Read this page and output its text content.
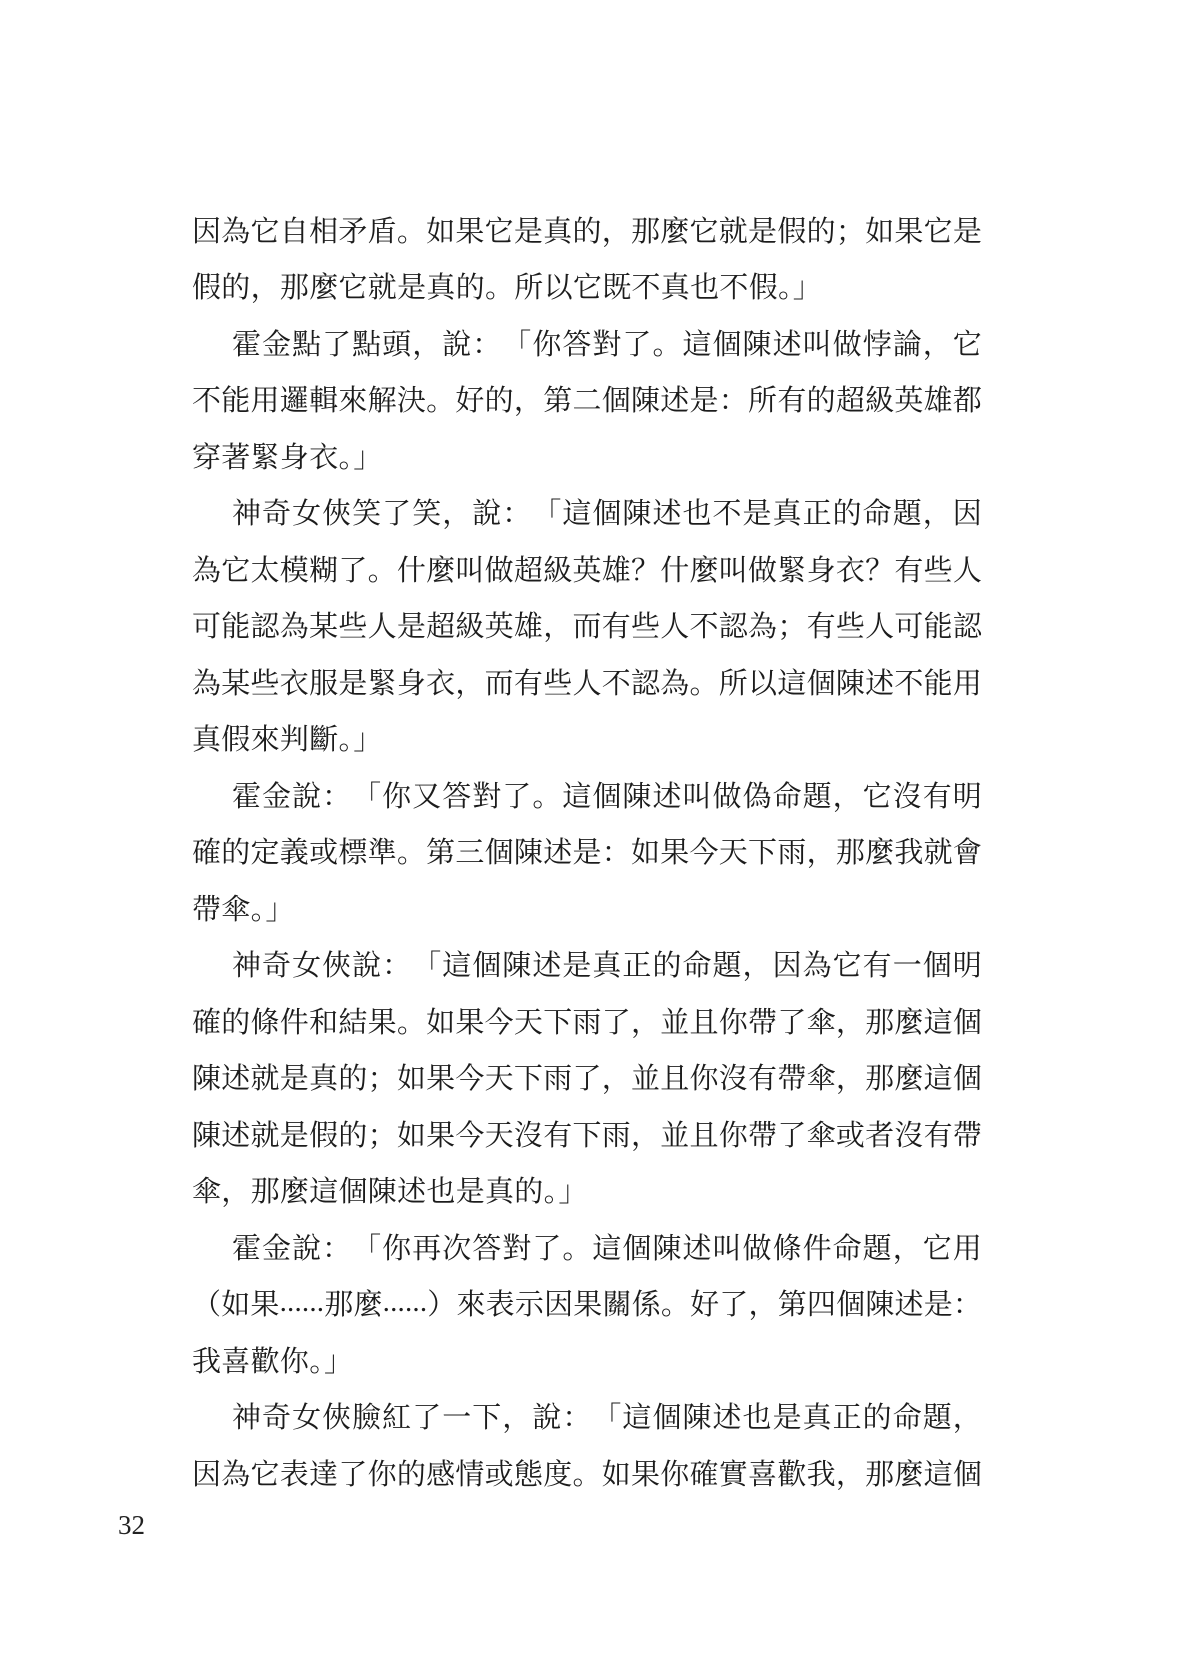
因 為 它 自 相 矛 盾 。 如 果 它 是 真 的 ， 那 麼 它 就 是 假 的 ； 如 果 它 是
假的，那麼它就是真的。所以它既不真也不假。」
霍 金 點 了 點 頭 ， 說 ： 「 你 答 對 了 。 這 個 陳 述 叫 做 悖 論 ， 它
不 能 用 邏 輯 來 解 決 。 好 的 ， 第 二 個 陳 述 是 ： 所 有 的 超 級 英 雄 都
穿著緊身衣。」
神 奇 女 俠 笑 了 笑 ， 說 ： 「 這 個 陳 述 也 不 是 真 正 的 命 題 ， 因
為 它 太 模 糊 了 。 什 麼 叫 做 超 級 英 雄 ？ 什 麼 叫 做 緊 身 衣 ？ 有 些 人
可 能 認 為 某 些 人 是 超 級 英 雄 ， 而 有 些 人 不 認 為 ； 有 些 人 可 能 認
為 某 些 衣 服 是 緊 身 衣 ， 而 有 些 人 不 認 為 。 所 以 這 個 陳 述 不 能 用
真假來判斷。」
霍 金 說 ： 「 你 又 答 對 了 。 這 個 陳 述 叫 做 偽 命 題 ， 它 沒 有 明
確 的 定 義 或 標 準 。 第 三 個 陳 述 是 ： 如 果 今 天 下 雨 ， 那 麼 我 就 會
帶傘。」
神 奇 女 俠 說 ： 「 這 個 陳 述 是 真 正 的 命 題 ， 因 為 它 有 一 個 明
確 的 條 件 和 結 果 。 如 果 今 天 下 雨 了 ， 並 且 你 帶 了 傘 ， 那 麼 這 個
陳 述 就 是 真 的 ； 如 果 今 天 下 雨 了 ， 並 且 你 沒 有 帶 傘 ， 那 麼 這 個
陳 述 就 是 假 的 ； 如 果 今 天 沒 有 下 雨 ， 並 且 你 帶 了 傘 或 者 沒 有 帶
傘，那麼這個陳述也是真的。」
霍 金 說 ： 「 你 再 次 答 對 了 。 這 個 陳 述 叫 做 條 件 命 題 ， 它 用
（ 如 果 . . . . . . 那 麼 . . . . . . ） 來 表 示 因 果 關 係 。 好 了 ， 第 四 個 陳 述 是 ：
我喜歡你。」
神 奇 女 俠 臉 紅 了 一 下 ， 說 ： 「 這 個 陳 述 也 是 真 正 的 命 題 ，
因 為 它 表 達 了 你 的 感 情 或 態 度 。 如 果 你 確 實 喜 歡 我 ， 那 麼 這 個
32
